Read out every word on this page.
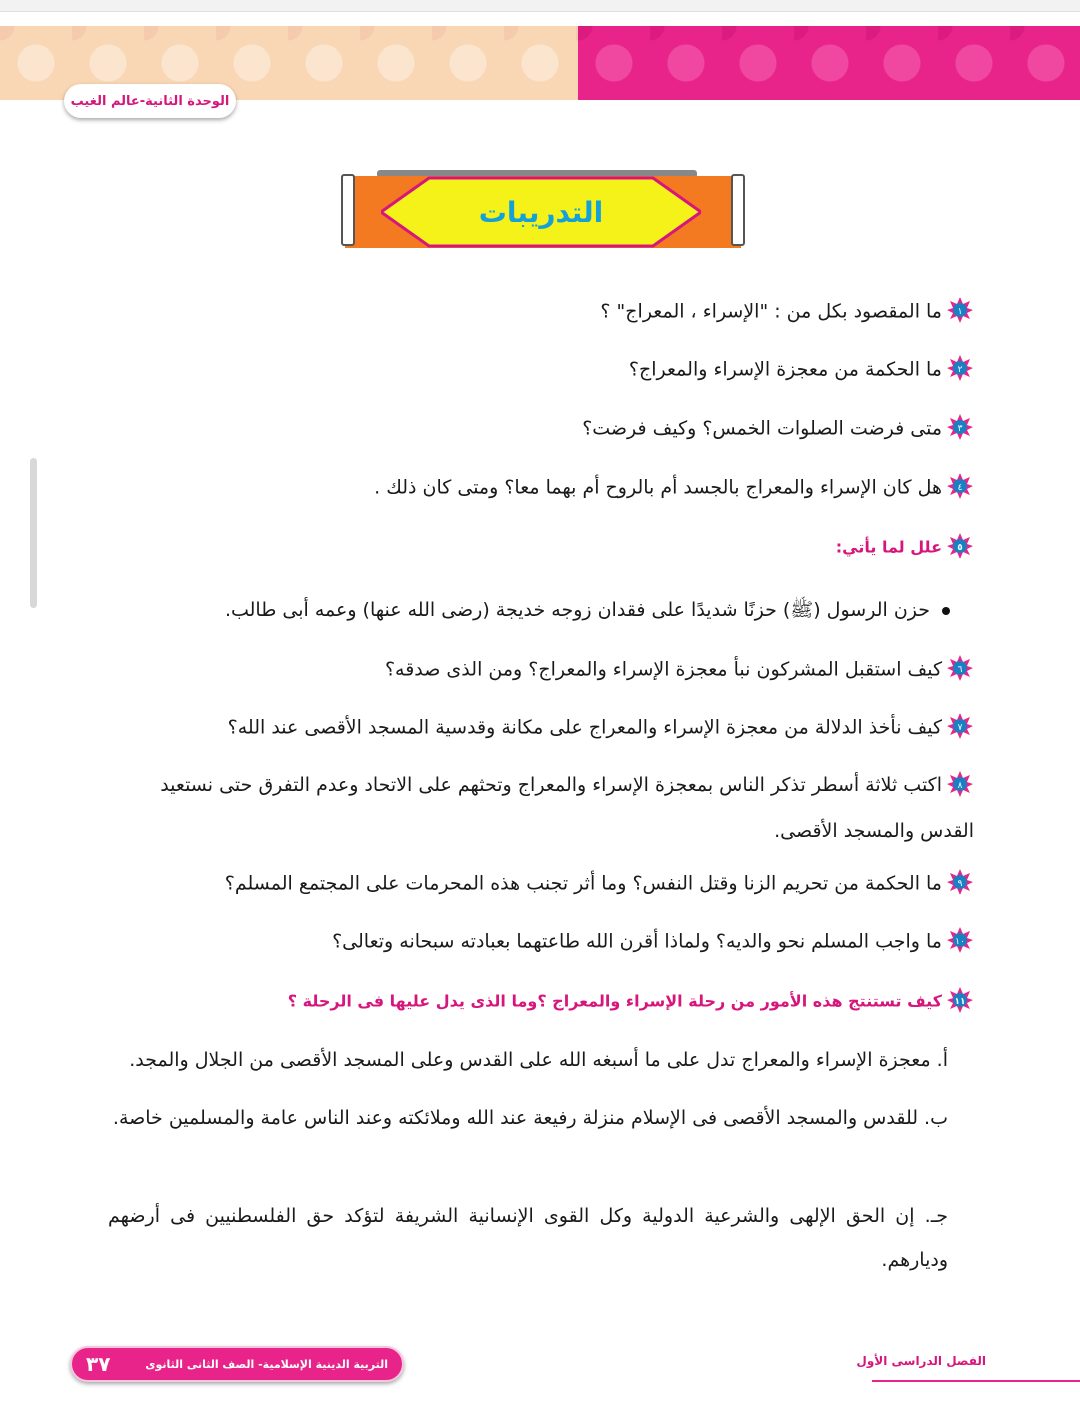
الوحدة الثانية-عالم الغيب
التدريبات
١
ما المقصود بكل من : "الإسراء ، المعراج" ؟
٢
ما الحكمة من معجزة الإسراء والمعراج؟
٣
متى فرضت الصلوات الخمس؟ وكيف فرضت؟
٤
هل كان الإسراء والمعراج بالجسد أم بالروح أم بهما معا؟ ومتى كان ذلك .
٥
علل لما يأتي:
حزن الرسول (ﷺ) حزنًا شديدًا على فقدان زوجه خديجة (رضى الله عنها) وعمه أبى طالب.
٦
كيف استقبل المشركون نبأ معجزة الإسراء والمعراج؟ ومن الذى صدقه؟
٧
كيف نأخذ الدلالة من معجزة الإسراء والمعراج على مكانة وقدسية المسجد الأقصى عند الله؟
٨
اكتب ثلاثة أسطر تذكر الناس بمعجزة الإسراء والمعراج وتحثهم على الاتحاد وعدم التفرق حتى نستعيد القدس والمسجد الأقصى.
٩
ما الحكمة من تحريم الزنا وقتل النفس؟ وما أثر تجنب هذه المحرمات على المجتمع المسلم؟
١٠
ما واجب المسلم نحو والديه؟ ولماذا أقرن الله طاعتهما بعبادته سبحانه وتعالى؟
١١
كيف تستنتج هذه الأمور من رحلة الإسراء والمعراج ؟وما الذى يدل عليها فى الرحلة ؟
أ. معجزة الإسراء والمعراج تدل على ما أسبغه الله على القدس وعلى المسجد الأقصى من الجلال والمجد.
ب. للقدس والمسجد الأقصى فى الإسلام منزلة رفيعة عند الله وملائكته وعند الناس عامة والمسلمين خاصة.
جـ. إن الحق الإلهى والشرعية الدولية وكل القوى الإنسانية الشريفة لتؤكد حق الفلسطنيين فى أرضهم وديارهم.
التربية الدينية الإسلامية- الصف الثانى الثانوى
٣٧	الفصل الدراسى الأول
